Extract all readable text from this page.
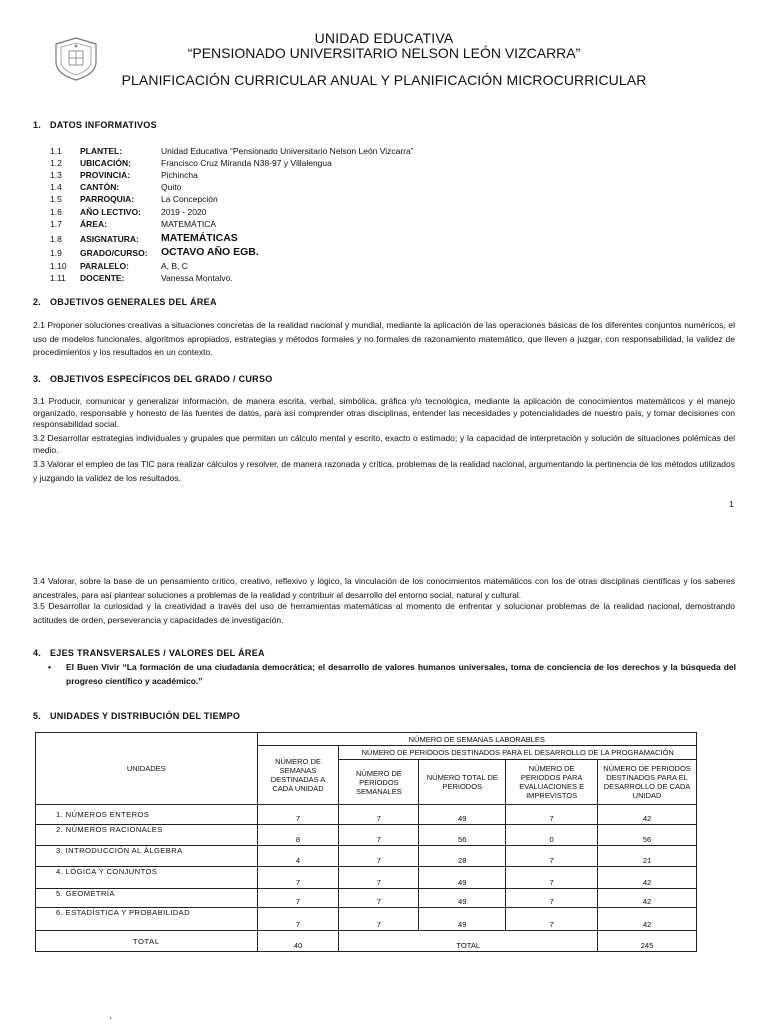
UNIDAD EDUCATIVA
“PENSIONADO UNIVERSITARIO NELSON LEÓN VIZCARRA”
PLANIFICACIÓN CURRICULAR ANUAL Y PLANIFICACIÓN MICROCURRICULAR
1. DATOS INFORMATIVOS
1.1	PLANTEL:	Unidad Educativa “Pensionado Universitario Nelson León Vizcarra”
1.2	UBICACIÓN:	Francisco Cruz Miranda N38-97 y Villalengua
1.3	PROVINCIA:	Pichincha
1.4	CANTÓN:	Quito
1.5	PARROQUIA:	La Concepción
1.6	AÑO LECTIVO:	2019 - 2020
1.7	ÁREA:	MATEMÁTICA
1.8	ASIGNATURA:	MATEMÁTICAS
1.9	GRADO/CURSO:	OCTAVO AÑO EGB.
1.10	PARALELO:	A, B, C
1.11	DOCENTE:	Vanessa Montalvo.
2. OBJETIVOS GENERALES DEL ÁREA
2.1 Proponer soluciones creativas a situaciones concretas de la realidad nacional y mundial, mediante la aplicación de las operaciones básicas de los diferentes conjuntos numéricos, el uso de modelos funcionales, algoritmos apropiados, estrategias y métodos formales y no formales de razonamiento matemático, que lleven a juzgar, con responsabilidad, la validez de procedimientos y los resultados en un contexto.
3. OBJETIVOS ESPECÍFICOS DEL GRADO / CURSO
3.1 Producir, comunicar y generalizar información, de manera escrita, verbal, simbólica, gráfica y/o tecnológica, mediante la aplicación de conocimientos matemáticos y el manejo organizado, responsable y honesto de las fuentes de datos, para así comprender otras disciplinas, entender las necesidades y potencialidades de nuestro país, y tomar decisiones con responsabilidad social.
3.2 Desarrollar estrategias individuales y grupales que permitan un cálculo mental y escrito, exacto o estimado; y la capacidad de interpretación y solución de situaciones polémicas del medio.
3.3 Valorar el empleo de las TIC para realizar cálculos y resolver, de manera razonada y crítica, problemas de la realidad nacional, argumentando la pertinencia de los métodos utilizados y juzgando la validez de los resultados.
1
3.4 Valorar, sobre la base de un pensamiento crítico, creativo, reflexivo y lógico, la vinculación de los conocimientos matemáticos con los de otras disciplinas científicas y los saberes ancestrales, para así plantear soluciones a problemas de la realidad y contribuir al desarrollo del entorno social, natural y cultural.
3.5 Desarrollar la curiosidad y la creatividad a través del uso de herramientas matemáticas al momento de enfrentar y solucionar problemas de la realidad nacional, demostrando actitudes de orden, perseverancia y capacidades de investigación.
4. EJES TRANSVERSALES / VALORES DEL ÁREA
• El Buen Vivir “La formación de una ciudadanía democrática; el desarrollo de valores humanos universales, toma de conciencia de los derechos y la búsqueda del progreso científico y académico.”
5. UNIDADES Y DISTRIBUCIÓN DEL TIEMPO
UNIDADES	NÚMERO DE SEMANAS LABORABLES				
	NÚMERO DE SEMANAS DESTINADAS A CADA UNIDAD	NÚMERO DE PERIODOS DESTINADOS PARA EL DESARROLLO DE LA PROGRAMACIÓN			
		NÚMERO DE PERIODOS SEMANALES	NÚMERO TOTAL DE PERIODOS	NÚMERO DE PERIODOS PARA EVALUACIONES E IMPREVISTOS	NÚMERO DE PERIODOS DESTINADOS PARA EL DESARROLLO DE CADA UNIDAD
1. NÚMEROS ENTEROS	7	7	49	7	42
2. NÚMEROS RACIONALES	8	7	56	0	56
3. INTRODUCCIÓN AL ÁLGEBRA	4	7	28	7	21
4. LÓGICA Y CONJUNTOS	7	7	49	7	42
5. GEOMETRÍA	7	7	49	7	42
6. ESTADÍSTICA Y PROBABILIDAD	7	7	49	7	42
TOTAL	40	TOTAL			245
'
